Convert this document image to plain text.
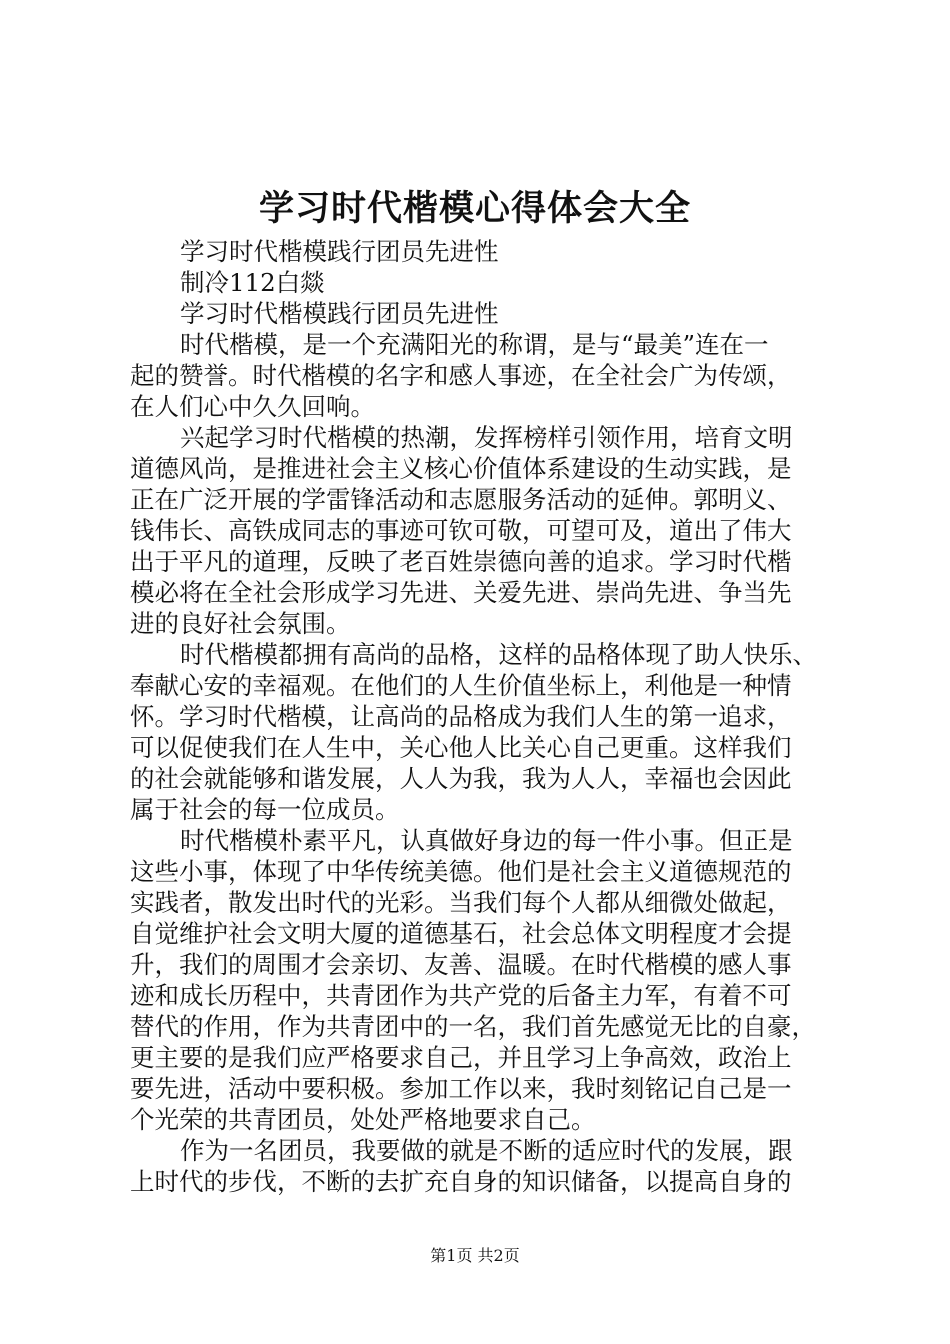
学习时代楷模心得体会大全
学习时代楷模践行团员先进性
制冷112白燚
学习时代楷模践行团员先进性
时代楷模，是一个充满阳光的称谓，是与“最美”连在一
起的赞誉。时代楷模的名字和感人事迹，在全社会广为传颂，
在人们心中久久回响。
兴起学习时代楷模的热潮，发挥榜样引领作用，培育文明
道德风尚，是推进社会主义核心价值体系建设的生动实践，是
正在广泛开展的学雷锋活动和志愿服务活动的延伸。郭明义、
钱伟长、高铁成同志的事迹可钦可敬，可望可及，道出了伟大
出于平凡的道理，反映了老百姓崇德向善的追求。学习时代楷
模必将在全社会形成学习先进、关爱先进、崇尚先进、争当先
进的良好社会氛围。
时代楷模都拥有高尚的品格，这样的品格体现了助人快乐、
奉献心安的幸福观。在他们的人生价值坐标上，利他是一种情
怀。学习时代楷模，让高尚的品格成为我们人生的第一追求，
可以促使我们在人生中，关心他人比关心自己更重。这样我们
的社会就能够和谐发展，人人为我，我为人人，幸福也会因此
属于社会的每一位成员。
时代楷模朴素平凡，认真做好身边的每一件小事。但正是
这些小事，体现了中华传统美德。他们是社会主义道德规范的
实践者，散发出时代的光彩。当我们每个人都从细微处做起，
自觉维护社会文明大厦的道德基石，社会总体文明程度才会提
升，我们的周围才会亲切、友善、温暖。在时代楷模的感人事
迹和成长历程中，共青团作为共产党的后备主力军，有着不可
替代的作用，作为共青团中的一名，我们首先感觉无比的自豪，
更主要的是我们应严格要求自己，并且学习上争高效，政治上
要先进，活动中要积极。参加工作以来，我时刻铭记自己是一
个光荣的共青团员，处处严格地要求自己。
作为一名团员，我要做的就是不断的适应时代的发展，跟
上时代的步伐，不断的去扩充自身的知识储备，以提高自身的
第1页 共2页
